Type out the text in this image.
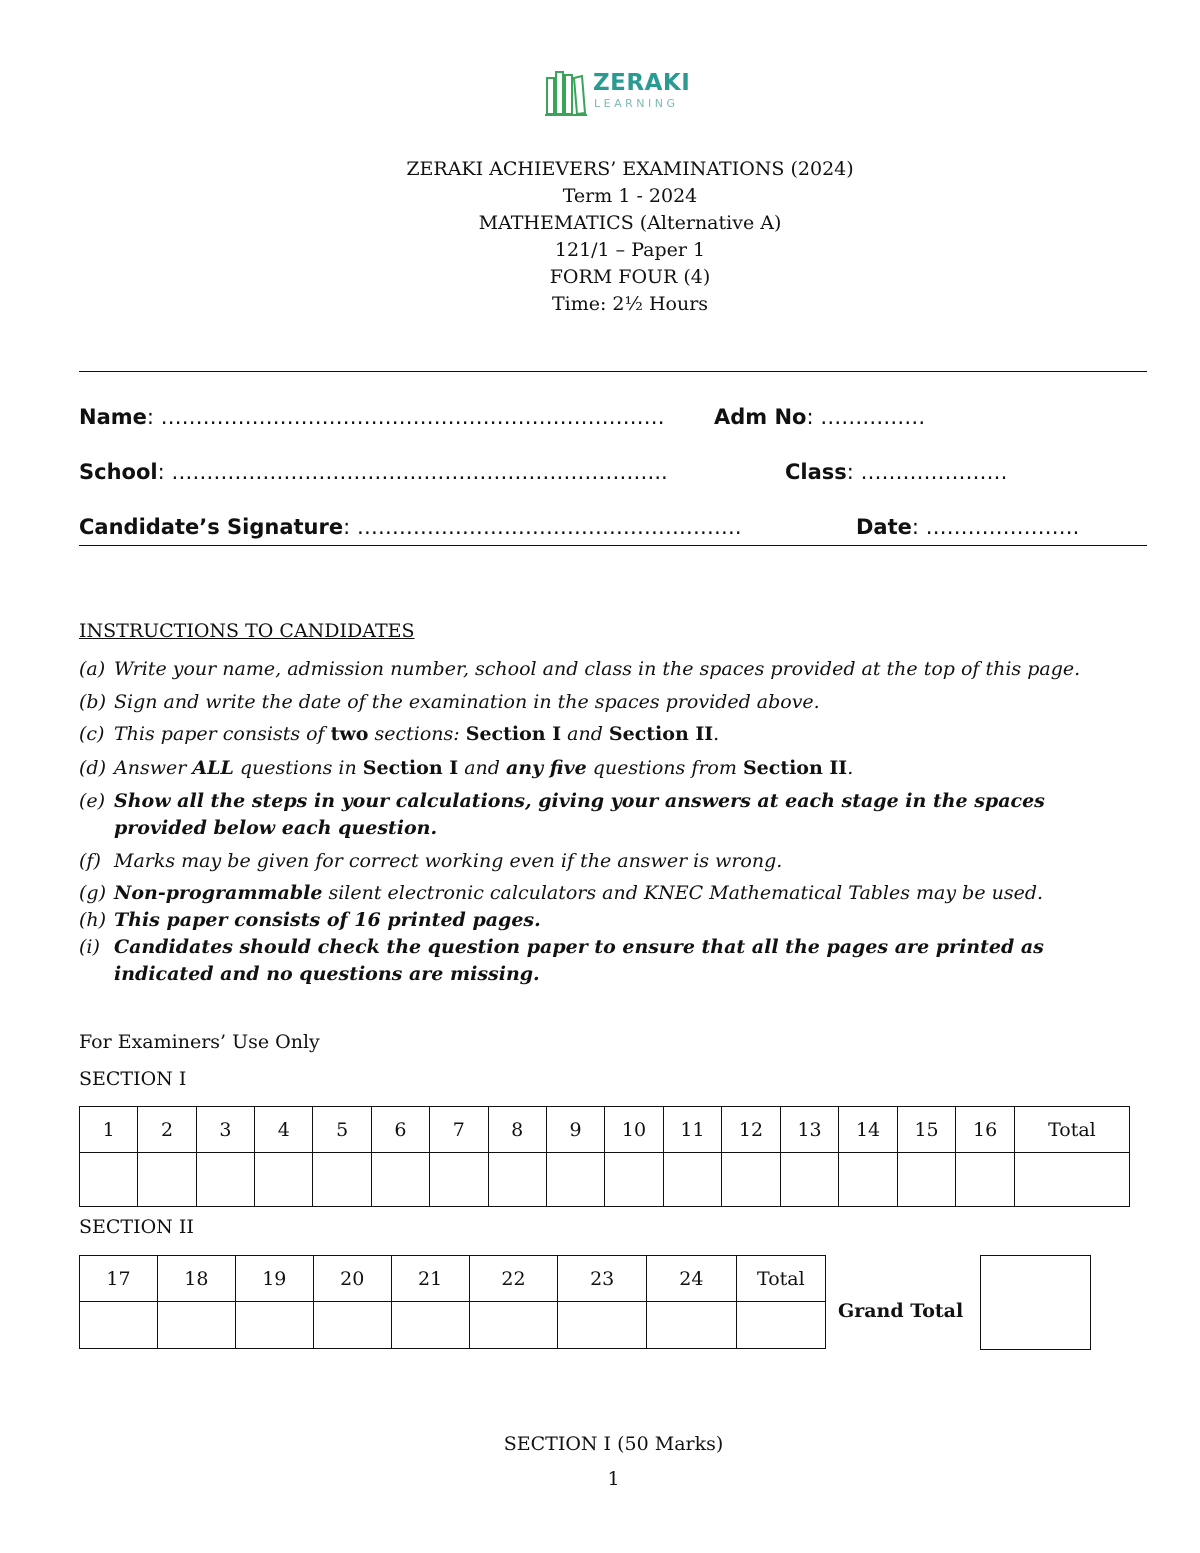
ZERAKI
LEARNING
ZERAKI ACHIEVERS’ EXAMINATIONS (2024)
Term 1 - 2024
MATHEMATICS (Alternative A)
121/1 – Paper 1
FORM FOUR (4)
Time: 2½ Hours
Name: ……………………………………………………………… Adm No: ……………
School: ……………………………………………………………..	Class: …………………
Candidate’s Signature: ……………………………………………….	Date: ………………….
INSTRUCTIONS TO CANDIDATES
(a) Write your name, admission number, school and class in the spaces provided at the top of this page.
(b) Sign and write the date of the examination in the spaces provided above.
(c) This paper consists of two sections: Section I and Section II.
(d) Answer ALL questions in Section I and any five questions from Section II.
(e) Show all the steps in your calculations, giving your answers at each stage in the spaces provided below each question.
(f) Marks may be given for correct working even if the answer is wrong.
(g) Non-programmable silent electronic calculators and KNEC Mathematical Tables may be used.
(h) This paper consists of 16 printed pages.
(i) Candidates should check the question paper to ensure that all the pages are printed as indicated and no questions are missing.
For Examiners’ Use Only
SECTION I
1	2	3	4	5	6	7	8	9	10	11	12	13	14	15	16	Total

SECTION II
17	18	19	20	21	22	23	24	Total

Grand Total
SECTION I (50 Marks)
1
